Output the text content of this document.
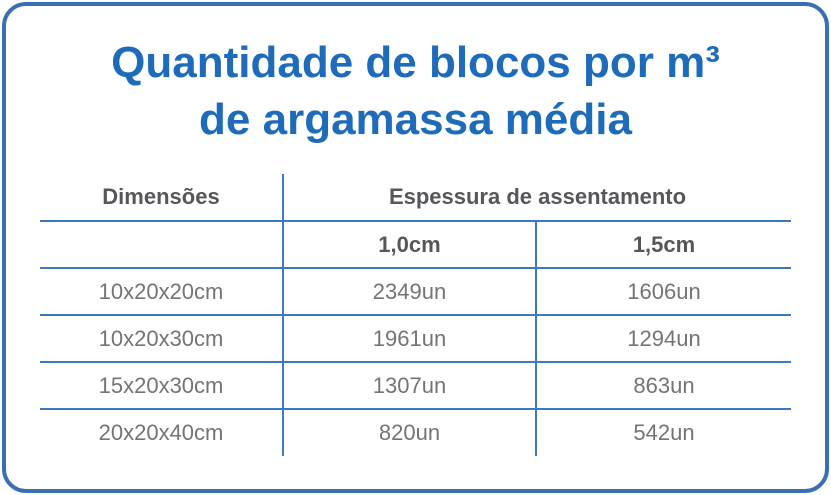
Quantidade de blocos por m³
de argamassa média
Dimensões	Espessura de assentamento	
	1,0cm	1,5cm
10x20x20cm	2349un	1606un
10x20x30cm	1961un	1294un
15x20x30cm	1307un	863un
20x20x40cm	820un	542un
